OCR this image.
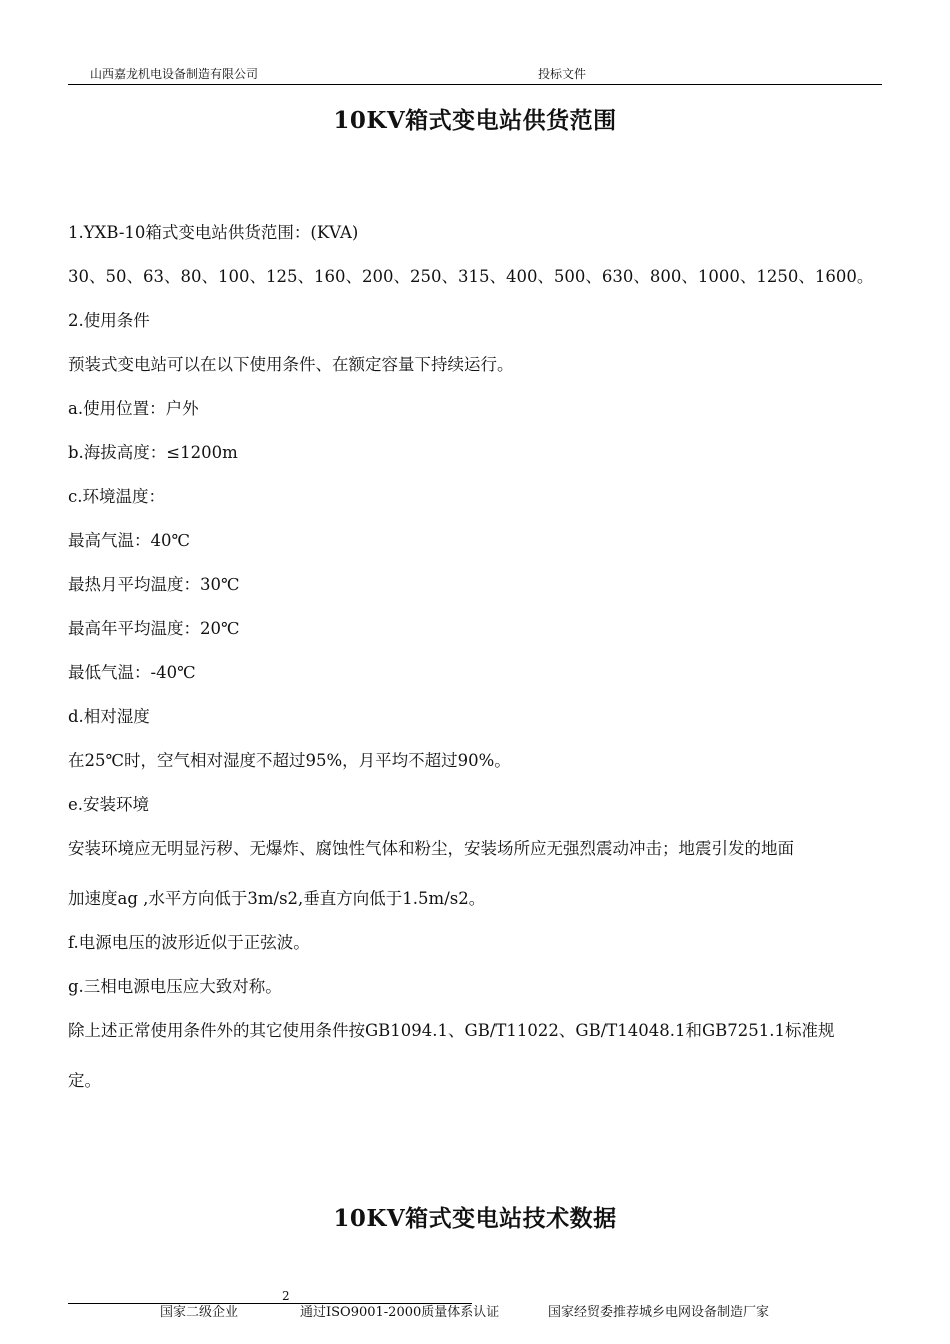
山西嘉龙机电设备制造有限公司	投标文件
10KV箱式变电站供货范围
1.YXB-10箱式变电站供货范围：(KVA)
30、50、63、80、100、125、160、200、250、315、400、500、630、800、1000、1250、1600。
2.使用条件
预装式变电站可以在以下使用条件、在额定容量下持续运行。
a.使用位置：户外
b.海拔高度：≤1200m
c.环境温度：
最高气温：40℃
最热月平均温度：30℃
最高年平均温度：20℃
最低气温：-40℃
d.相对湿度
在25℃时，空气相对湿度不超过95%，月平均不超过90%。
e.安装环境
安装环境应无明显污秽、无爆炸、腐蚀性气体和粉尘，安装场所应无强烈震动冲击；地震引发的地面
加速度ag ,水平方向低于3m/s2,垂直方向低于1.5m/s2。
f.电源电压的波形近似于正弦波。
g.三相电源电压应大致对称。
除上述正常使用条件外的其它使用条件按GB1094.1、GB/T11022、GB/T14048.1和GB7251.1标准规
定。
10KV箱式变电站技术数据
2
国家二级企业	通过ISO9001-2000质量体系认证	国家经贸委推荐城乡电网设备制造厂家
